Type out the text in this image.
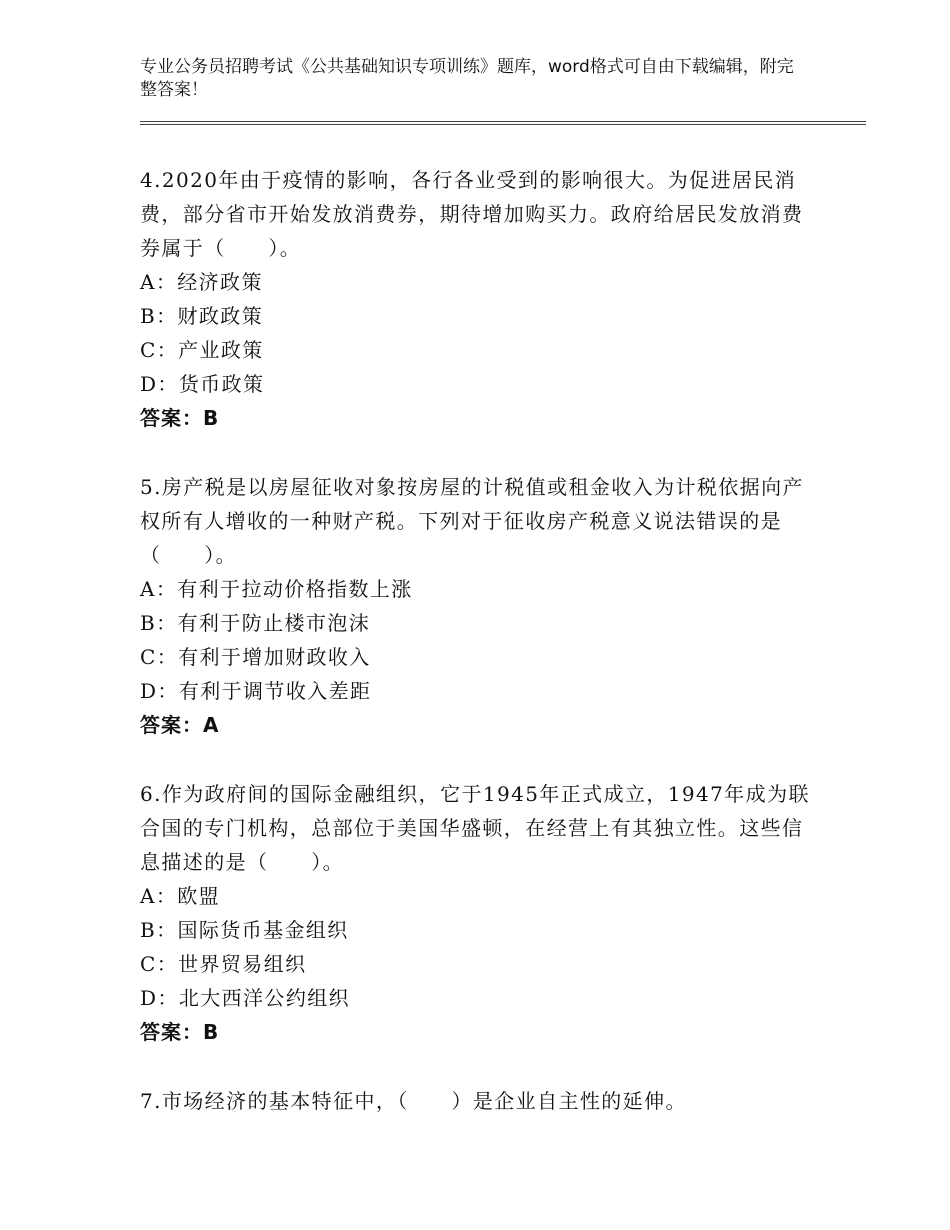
专业公务员招聘考试《公共基础知识专项训练》题库，word格式可自由下载编辑，附完整答案！

4.2020年由于疫情的影响，各行各业受到的影响很大。为促进居民消费，部分省市开始发放消费券，期待增加购买力。政府给居民发放消费券属于（　　）。

A：经济政策

B：财政政策

C：产业政策

D：货币政策

答案：B

5.房产税是以房屋征收对象按房屋的计税值或租金收入为计税依据向产权所有人增收的一种财产税。下列对于征收房产税意义说法错误的是（　　）。

A：有利于拉动价格指数上涨

B：有利于防止楼市泡沫

C：有利于增加财政收入

D：有利于调节收入差距

答案：A

6.作为政府间的国际金融组织，它于1945年正式成立，1947年成为联合国的专门机构，总部位于美国华盛顿，在经营上有其独立性。这些信息描述的是（　　）。

A：欧盟

B：国际货币基金组织

C：世界贸易组织

D：北大西洋公约组织

答案：B

7.市场经济的基本特征中，（　　）是企业自主性的延伸。
